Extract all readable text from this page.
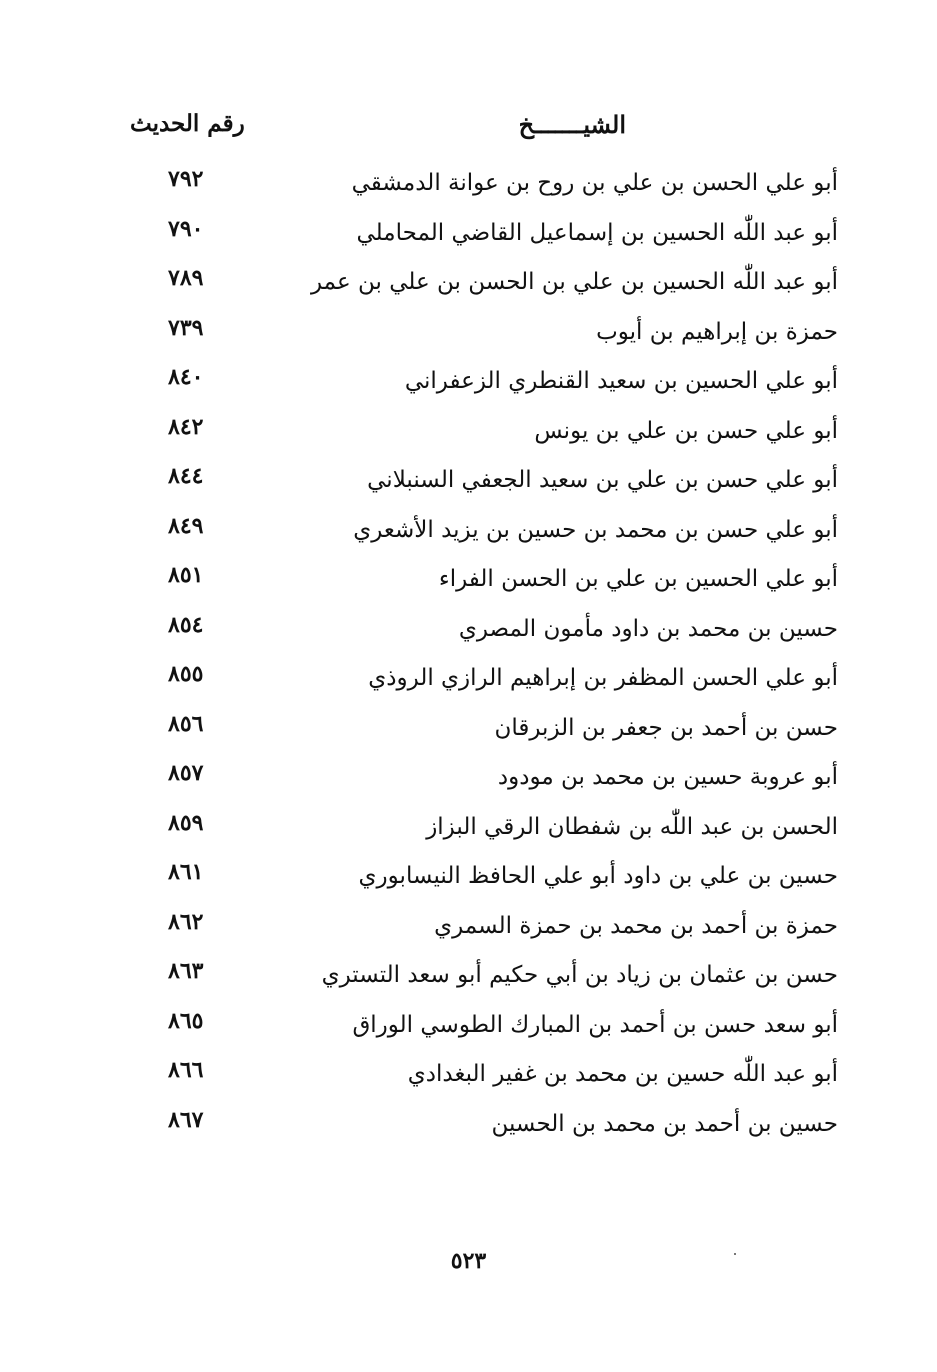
الشيـــــــخ
رقم الحديث
أبو علي الحسن بن علي بن روح بن عوانة الدمشقي
٧٩٢
أبو عبد اللّٰه الحسين بن إسماعيل القاضي المحاملي
٧٩٠
أبو عبد اللّٰه الحسين بن علي بن الحسن بن علي بن عمر
٧٨٩
حمزة بن إبراهيم بن أيوب
٧٣٩
أبو علي الحسين بن سعيد القنطري الزعفراني
٨٤٠
أبو علي حسن بن علي بن يونس
٨٤٢
أبو علي حسن بن علي بن سعيد الجعفي السنبلاني
٨٤٤
أبو علي حسن بن محمد بن حسين بن يزيد الأشعري
٨٤٩
أبو علي الحسين بن علي بن الحسن الفراء
٨٥١
حسين بن محمد بن داود مأمون المصري
٨٥٤
أبو علي الحسن المظفر بن إبراهيم الرازي الروذي
٨٥٥
حسن بن أحمد بن جعفر بن الزبرقان
٨٥٦
أبو عروبة حسين بن محمد بن مودود
٨٥٧
الحسن بن عبد اللّٰه بن شفطان الرقي البزاز
٨٥٩
حسين بن علي بن داود أبو علي الحافظ النيسابوري
٨٦١
حمزة بن أحمد بن محمد بن حمزة السمري
٨٦٢
حسن بن عثمان بن زياد بن أبي حكيم أبو سعد التستري
٨٦٣
أبو سعد حسن بن أحمد بن المبارك الطوسي الوراق
٨٦٥
أبو عبد اللّٰه حسين بن محمد بن غفير البغدادي
٨٦٦
حسين بن أحمد بن محمد بن الحسين
٨٦٧
٥٢٣
